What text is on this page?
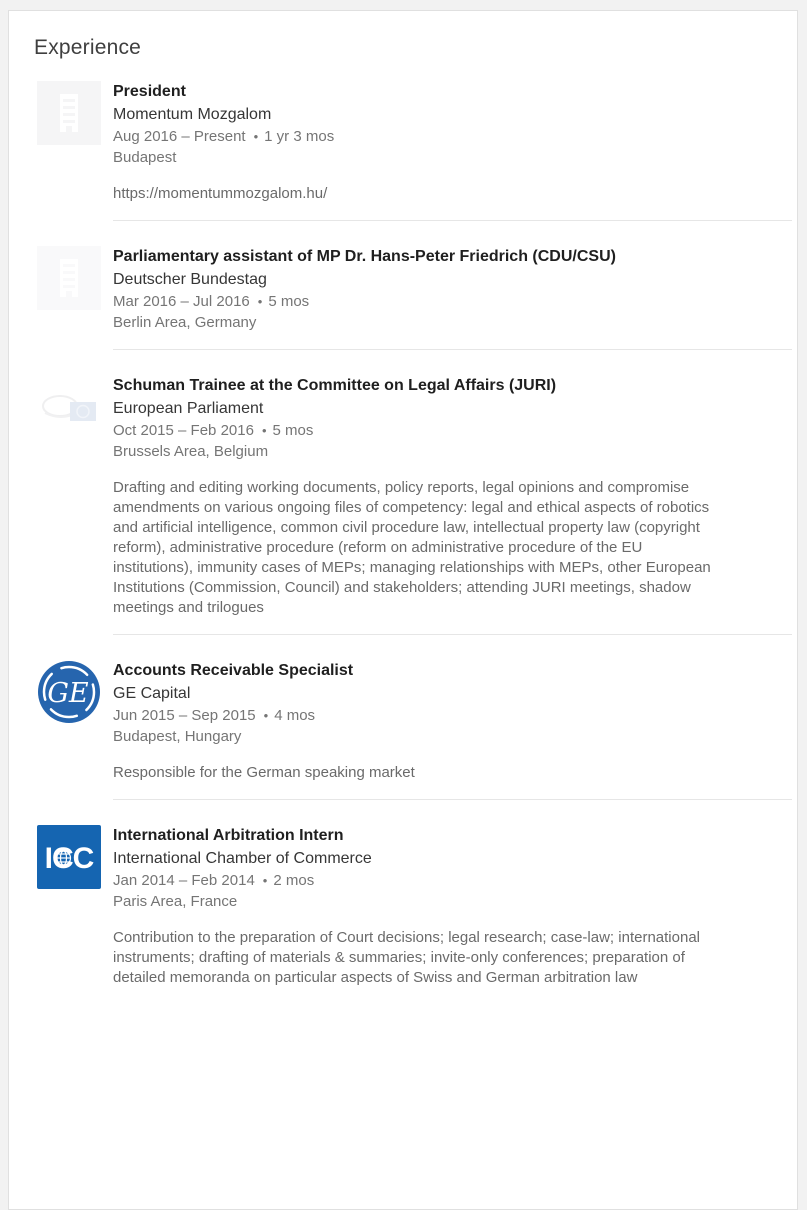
Experience
President
Momentum Mozgalom
Aug 2016 – Present • 1 yr 3 mos
Budapest
https://momentummozgalom.hu/
Parliamentary assistant of MP Dr. Hans-Peter Friedrich (CDU/CSU)
Deutscher Bundestag
Mar 2016 – Jul 2016 • 5 mos
Berlin Area, Germany
Schuman Trainee at the Committee on Legal Affairs (JURI)
European Parliament
Oct 2015 – Feb 2016 • 5 mos
Brussels Area, Belgium
Drafting and editing working documents, policy reports, legal opinions and compromise amendments on various ongoing files of competency: legal and ethical aspects of robotics and artificial intelligence, common civil procedure law, intellectual property law (copyright reform), administrative procedure (reform on administrative procedure of the EU institutions), immunity cases of MEPs; managing relationships with MEPs, other European Institutions (Commission, Council) and stakeholders; attending JURI meetings, shadow meetings and trilogues
GE
Accounts Receivable Specialist
GE Capital
Jun 2015 – Sep 2015 • 4 mos
Budapest, Hungary
Responsible for the German speaking market
ICC
International Arbitration Intern
International Chamber of Commerce
Jan 2014 – Feb 2014 • 2 mos
Paris Area, France
Contribution to the preparation of Court decisions; legal research; case-law; international instruments; drafting of materials & summaries; invite-only conferences; preparation of detailed memoranda on particular aspects of Swiss and German arbitration law
